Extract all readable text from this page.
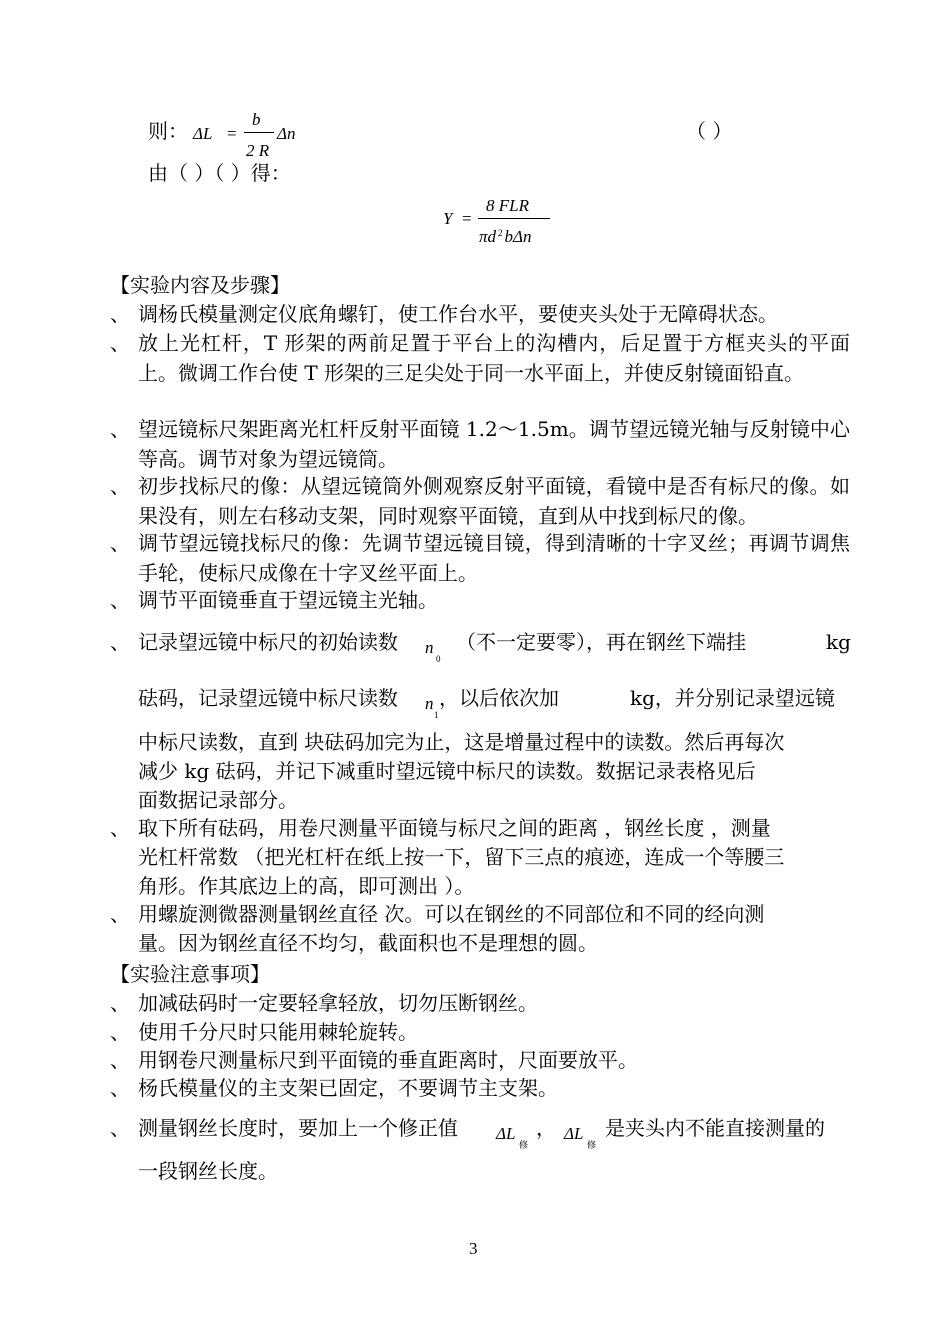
则： ΔL =
b
2 R
Δn	（ ）
由（ ）（ ）得：
Y =
8 FLR
πd $^2$ bΔn
【实验内容及步骤】
、 调杨氏模量测定仪底角螺钉，使工作台水平，要使夹头处于无障碍状态。
、 放上光杠杆，T 形架的两前足置于平台上的沟槽内，后足置于方框夹头的平面上。微调工作台使 T 形架的三足尖处于同一水平面上，并使反射镜面铅直。
、 望远镜标尺架距离光杠杆反射平面镜 1.2～1.5m。调节望远镜光轴与反射镜中心等高。调节对象为望远镜筒。
、 初步找标尺的像：从望远镜筒外侧观察反射平面镜，看镜中是否有标尺的像。如果没有，则左右移动支架，同时观察平面镜，直到从中找到标尺的像。
、 调节望远镜找标尺的像：先调节望远镜目镜，得到清晰的十字叉丝；再调节调焦手轮，使标尺成像在十字叉丝平面上。
、 调节平面镜垂直于望远镜主光轴。
、 记录望远镜中标尺的初始读数 n
0
（不一定要零），再在钢丝下端挂	kg
砝码，记录望远镜中标尺读数 n
1
，以后依次加	kg，并分别记录望远镜
中标尺读数，直到 块砝码加完为止，这是增量过程中的读数。然后再每次
减少 kg 砝码，并记下减重时望远镜中标尺的读数。数据记录表格见后
面数据记录部分。
、 取下所有砝码，用卷尺测量平面镜与标尺之间的距离 ，钢丝长度 ，测量
光杠杆常数 （把光杠杆在纸上按一下，留下三点的痕迹，连成一个等腰三
角形。作其底边上的高，即可测出 ）。
、 用螺旋测微器测量钢丝直径 次。可以在钢丝的不同部位和不同的经向测
量。因为钢丝直径不均匀，截面积也不是理想的圆。
【实验注意事项】
、 加减砝码时一定要轻拿轻放，切勿压断钢丝。
、 使用千分尺时只能用棘轮旋转。
、 用钢卷尺测量标尺到平面镜的垂直距离时，尺面要放平。
、 杨氏模量仪的主支架已固定，不要调节主支架。
、 测量钢丝长度时，要加上一个修正值 ΔL
修
， ΔL
修
是夹头内不能直接测量的
一段钢丝长度。
3
